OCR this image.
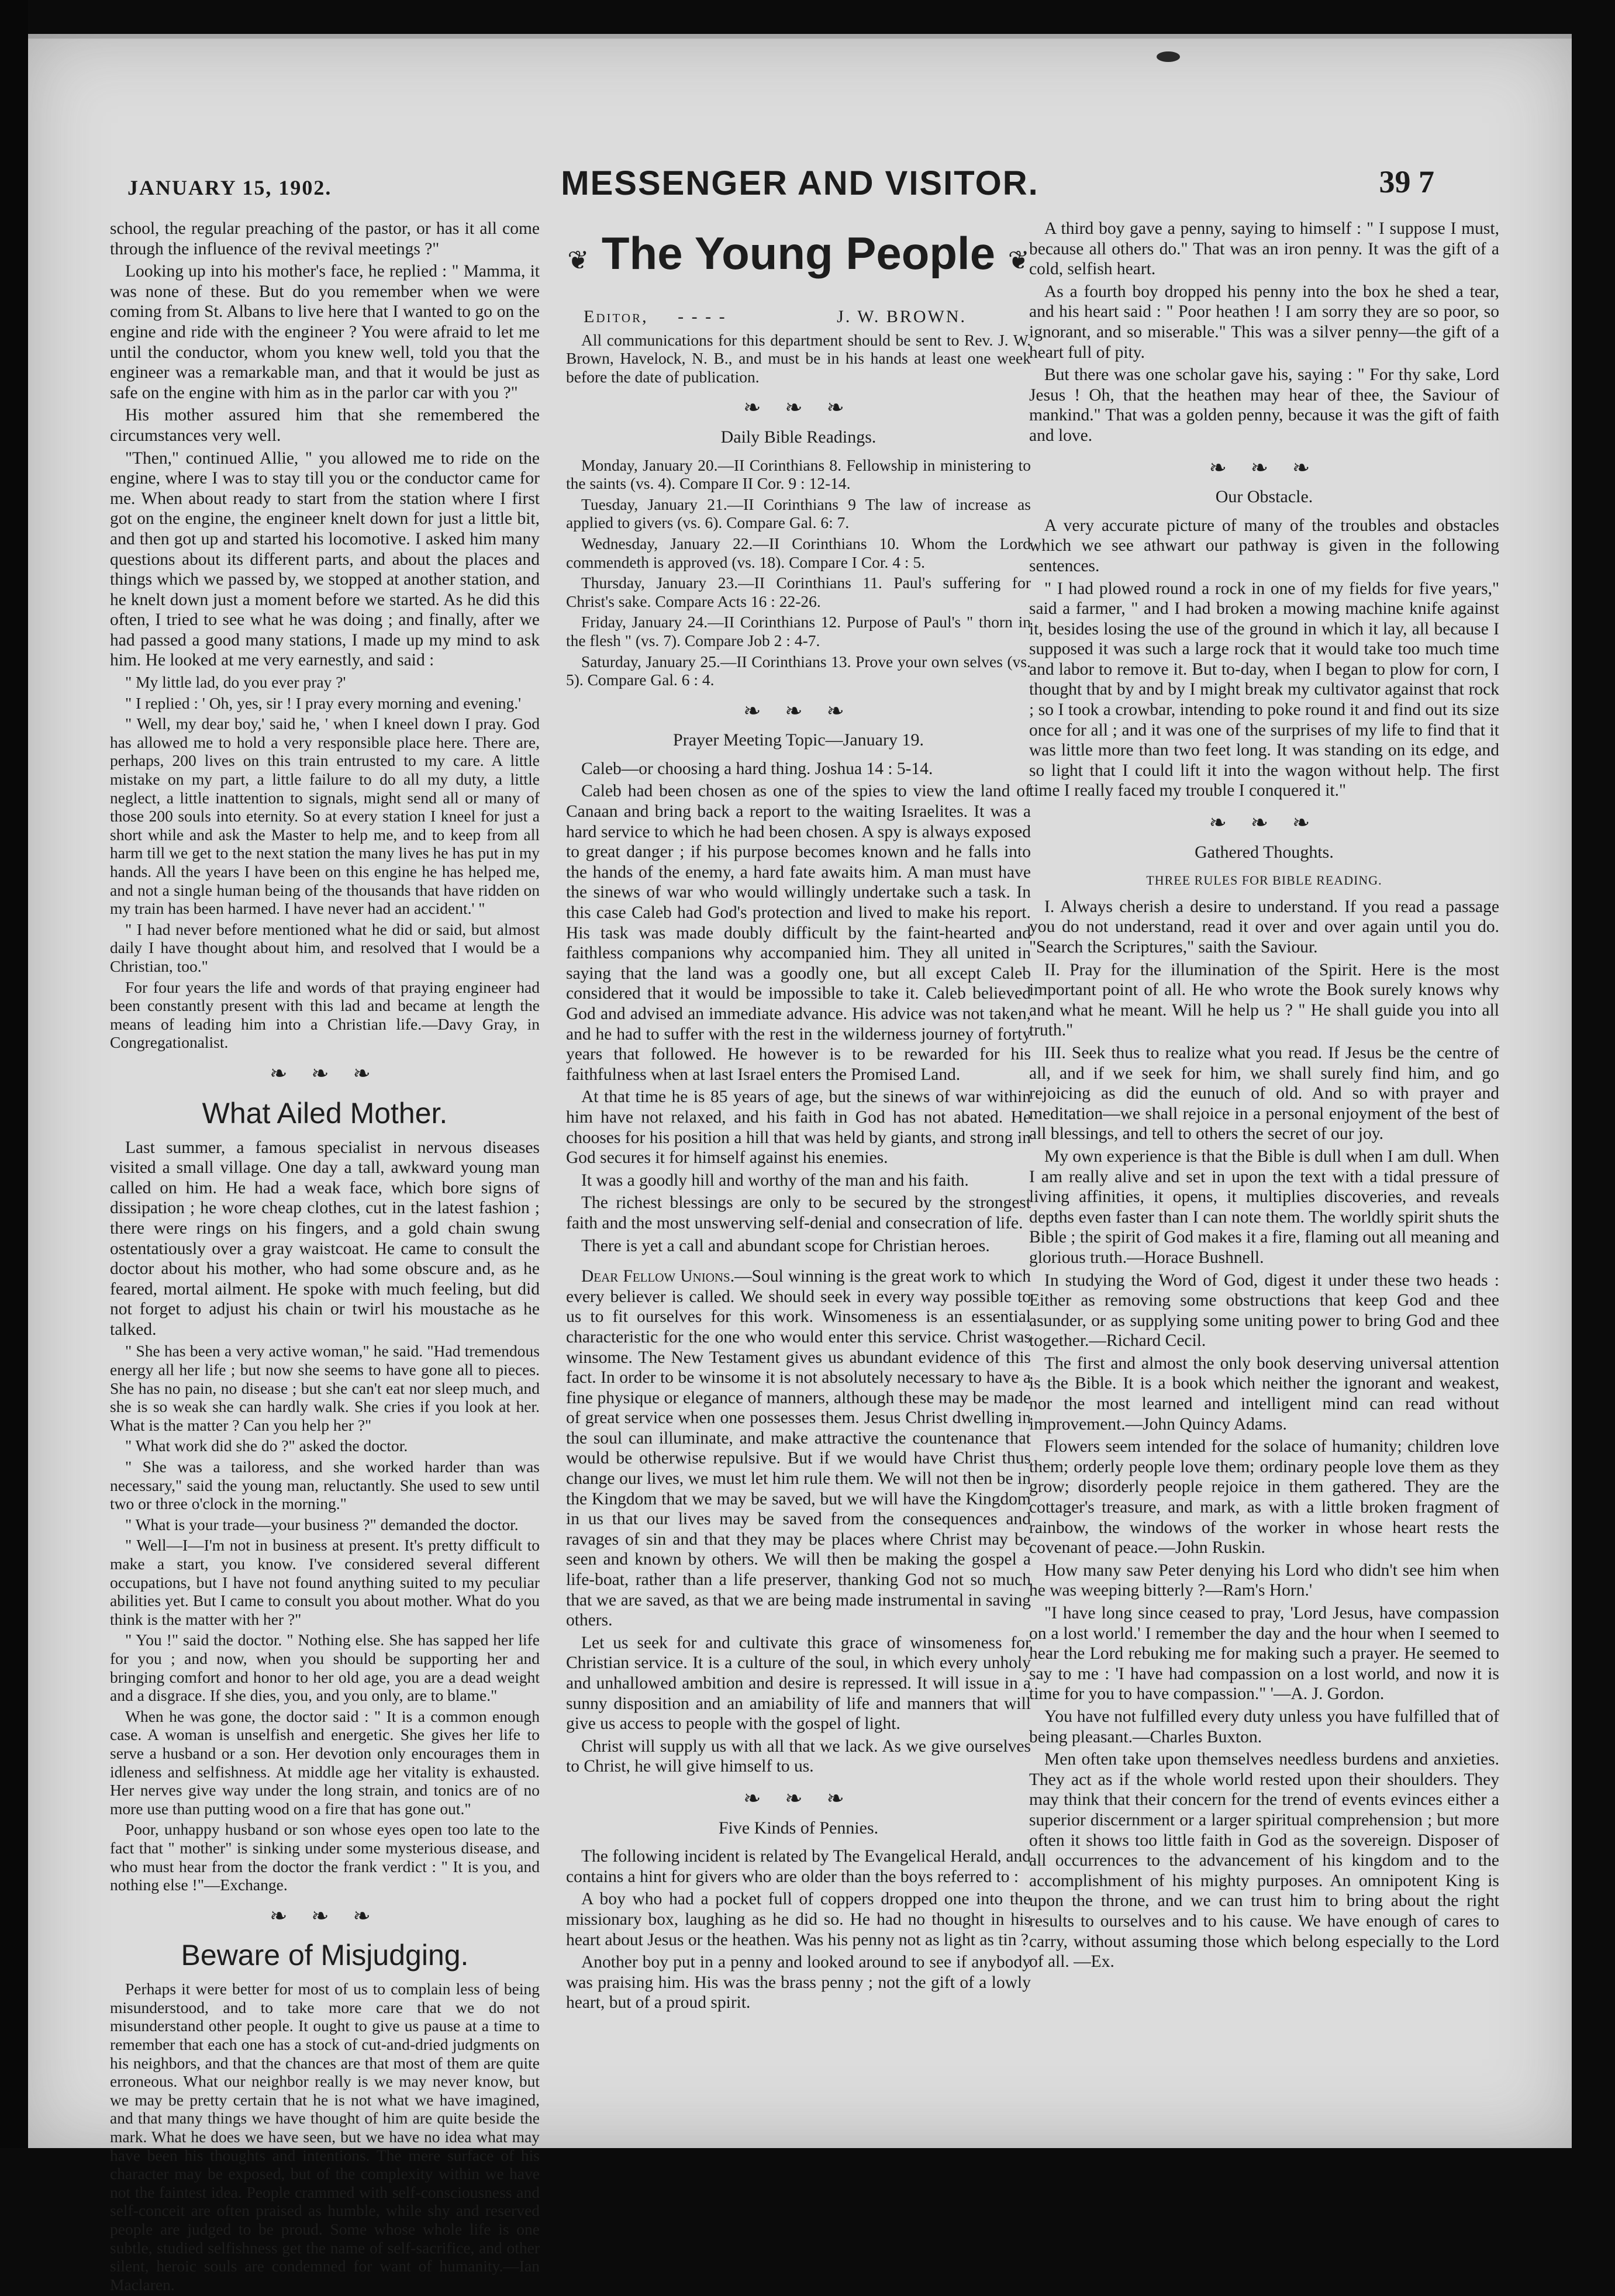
JANUARY 15, 1902.	MESSENGER AND VISITOR.	39 7

school, the regular preaching of the pastor, or has it all come through the influence of the revival meetings ?"

Looking up into his mother's face, he replied : " Mamma, it was none of these. But do you remember when we were coming from St. Albans to live here that I wanted to go on the engine and ride with the engineer ? You were afraid to let me until the conductor, whom you knew well, told you that the engineer was a remarkable man, and that it would be just as safe on the engine with him as in the parlor car with you ?"

His mother assured him that she remembered the circumstances very well.

"Then," continued Allie, " you allowed me to ride on the engine, where I was to stay till you or the conductor came for me. When about ready to start from the station where I first got on the engine, the engineer knelt down for just a little bit, and then got up and started his locomotive. I asked him many questions about its different parts, and about the places and things which we passed by, we stopped at another station, and he knelt down just a moment before we started. As he did this often, I tried to see what he was doing ; and finally, after we had passed a good many stations, I made up my mind to ask him. He looked at me very earnestly, and said :

" My little lad, do you ever pray ?'

" I replied : ' Oh, yes, sir ! I pray every morning and evening.'

" Well, my dear boy,' said he, ' when I kneel down I pray. God has allowed me to hold a very responsible place here. There are, perhaps, 200 lives on this train entrusted to my care. A little mistake on my part, a little failure to do all my duty, a little neglect, a little inattention to signals, might send all or many of those 200 souls into eternity. So at every station I kneel for just a short while and ask the Master to help me, and to keep from all harm till we get to the next station the many lives he has put in my hands. All the years I have been on this engine he has helped me, and not a single human being of the thousands that have ridden on my train has been harmed. I have never had an accident.' "

" I had never before mentioned what he did or said, but almost daily I have thought about him, and resolved that I would be a Christian, too."

For four years the life and words of that praying engineer had been constantly present with this lad and became at length the means of leading him into a Christian life.—Davy Gray, in Congregationalist.

❧ ❧ ❧
What Ailed Mother.

Last summer, a famous specialist in nervous diseases visited a small village. One day a tall, awkward young man called on him. He had a weak face, which bore signs of dissipation ; he wore cheap clothes, cut in the latest fashion ; there were rings on his fingers, and a gold chain swung ostentatiously over a gray waistcoat. He came to consult the doctor about his mother, who had some obscure and, as he feared, mortal ailment. He spoke with much feeling, but did not forget to adjust his chain or twirl his moustache as he talked.

" She has been a very active woman," he said. "Had tremendous energy all her life ; but now she seems to have gone all to pieces. She has no pain, no disease ; but she can't eat nor sleep much, and she is so weak she can hardly walk. She cries if you look at her. What is the matter ? Can you help her ?"

" What work did she do ?" asked the doctor.

" She was a tailoress, and she worked harder than was necessary," said the young man, reluctantly. She used to sew until two or three o'clock in the morning."

" What is your trade—your business ?" demanded the doctor.

" Well—I—I'm not in business at present. It's pretty difficult to make a start, you know. I've considered several different occupations, but I have not found anything suited to my peculiar abilities yet. But I came to consult you about mother. What do you think is the matter with her ?"

" You !" said the doctor. " Nothing else. She has sapped her life for you ; and now, when you should be supporting her and bringing comfort and honor to her old age, you are a dead weight and a disgrace. If she dies, you, and you only, are to blame."

When he was gone, the doctor said : " It is a common enough case. A woman is unselfish and energetic. She gives her life to serve a husband or a son. Her devotion only encourages them in idleness and selfishness. At middle age her vitality is exhausted. Her nerves give way under the long strain, and tonics are of no more use than putting wood on a fire that has gone out."

Poor, unhappy husband or son whose eyes open too late to the fact that " mother" is sinking under some mysterious disease, and who must hear from the doctor the frank verdict : " It is you, and nothing else !"—Exchange.

❧ ❧ ❧
Beware of Misjudging.

Perhaps it were better for most of us to complain less of being misunderstood, and to take more care that we do not misunderstand other people. It ought to give us pause at a time to remember that each one has a stock of cut-and-dried judgments on his neighbors, and that the chances are that most of them are quite erroneous. What our neighbor really is we may never know, but we may be pretty certain that he is not what we have imagined, and that many things we have thought of him are quite beside the mark. What he does we have seen, but we have no idea what may have been his thoughts and intentions. The mere surface of his character may be exposed, but of the complexity within we have not the faintest idea. People crammed with self-consciousness and self-conceit are often praised as humble, while shy and reserved people are judged to be proud. Some whose whole life is one subtle, studied selfishness get the name of self-sacrifice, and other silent, heroic souls are condemned for want of humanity.—Ian Maclaren.

❦ The Young People ❦
Editor, - - - -	J. W. BROWN.

All communications for this department should be sent to Rev. J. W. Brown, Havelock, N. B., and must be in his hands at least one week before the date of publication.

❧ ❧ ❧
Daily Bible Readings.

Monday, January 20.—II Corinthians 8. Fellowship in ministering to the saints (vs. 4). Compare II Cor. 9 : 12-14.

Tuesday, January 21.—II Corinthians 9 The law of increase as applied to givers (vs. 6). Compare Gal. 6: 7.

Wednesday, January 22.—II Corinthians 10. Whom the Lord commendeth is approved (vs. 18). Compare I Cor. 4 : 5.

Thursday, January 23.—II Corinthians 11. Paul's suffering for Christ's sake. Compare Acts 16 : 22-26.

Friday, January 24.—II Corinthians 12. Purpose of Paul's " thorn in the flesh " (vs. 7). Compare Job 2 : 4-7.

Saturday, January 25.—II Corinthians 13. Prove your own selves (vs. 5). Compare Gal. 6 : 4.

❧ ❧ ❧
Prayer Meeting Topic—January 19.

Caleb—or choosing a hard thing. Joshua 14 : 5-14.

Caleb had been chosen as one of the spies to view the land of Canaan and bring back a report to the waiting Israelites. It was a hard service to which he had been chosen. A spy is always exposed to great danger ; if his purpose becomes known and he falls into the hands of the enemy, a hard fate awaits him. A man must have the sinews of war who would willingly undertake such a task. In this case Caleb had God's protection and lived to make his report. His task was made doubly difficult by the faint-hearted and faithless companions why accompanied him. They all united in saying that the land was a goodly one, but all except Caleb considered that it would be impossible to take it. Caleb believed God and advised an immediate advance. His advice was not taken, and he had to suffer with the rest in the wilderness journey of forty years that followed. He however is to be rewarded for his faithfulness when at last Israel enters the Promised Land.

At that time he is 85 years of age, but the sinews of war within him have not relaxed, and his faith in God has not abated. He chooses for his position a hill that was held by giants, and strong in God secures it for himself against his enemies.

It was a goodly hill and worthy of the man and his faith.

The richest blessings are only to be secured by the strongest faith and the most unswerving self-denial and consecration of life.

There is yet a call and abundant scope for Christian heroes.

Dear Fellow Unions.—Soul winning is the great work to which every believer is called. We should seek in every way possible to us to fit ourselves for this work. Winsomeness is an essential characteristic for the one who would enter this service. Christ was winsome. The New Testament gives us abundant evidence of this fact. In order to be winsome it is not absolutely necessary to have a fine physique or elegance of manners, although these may be made of great service when one possesses them. Jesus Christ dwelling in the soul can illuminate, and make attractive the countenance that would be otherwise repulsive. But if we would have Christ thus change our lives, we must let him rule them. We will not then be in the Kingdom that we may be saved, but we will have the Kingdom in us that our lives may be saved from the consequences and ravages of sin and that they may be places where Christ may be seen and known by others. We will then be making the gospel a life-boat, rather than a life preserver, thanking God not so much that we are saved, as that we are being made instrumental in saving others.

Let us seek for and cultivate this grace of winsomeness for Christian service. It is a culture of the soul, in which every unholy and unhallowed ambition and desire is repressed. It will issue in a sunny disposition and an amiability of life and manners that will give us access to people with the gospel of light.

Christ will supply us with all that we lack. As we give ourselves to Christ, he will give himself to us.

❧ ❧ ❧
Five Kinds of Pennies.

The following incident is related by The Evangelical Herald, and contains a hint for givers who are older than the boys referred to :

A boy who had a pocket full of coppers dropped one into the missionary box, laughing as he did so. He had no thought in his heart about Jesus or the heathen. Was his penny not as light as tin ?

Another boy put in a penny and looked around to see if anybody was praising him. His was the brass penny ; not the gift of a lowly heart, but of a proud spirit.

A third boy gave a penny, saying to himself : " I suppose I must, because all others do." That was an iron penny. It was the gift of a cold, selfish heart.

As a fourth boy dropped his penny into the box he shed a tear, and his heart said : " Poor heathen ! I am sorry they are so poor, so ignorant, and so miserable." This was a silver penny—the gift of a heart full of pity.

But there was one scholar gave his, saying : " For thy sake, Lord Jesus ! Oh, that the heathen may hear of thee, the Saviour of mankind." That was a golden penny, because it was the gift of faith and love.

❧ ❧ ❧
Our Obstacle.

A very accurate picture of many of the troubles and obstacles which we see athwart our pathway is given in the following sentences.

" I had plowed round a rock in one of my fields for five years," said a farmer, " and I had broken a mowing machine knife against it, besides losing the use of the ground in which it lay, all because I supposed it was such a large rock that it would take too much time and labor to remove it. But to-day, when I began to plow for corn, I thought that by and by I might break my cultivator against that rock ; so I took a crowbar, intending to poke round it and find out its size once for all ; and it was one of the surprises of my life to find that it was little more than two feet long. It was standing on its edge, and so light that I could lift it into the wagon without help. The first time I really faced my trouble I conquered it."

❧ ❧ ❧
Gathered Thoughts.
THREE RULES FOR BIBLE READING.

I. Always cherish a desire to understand. If you read a passage you do not understand, read it over and over again until you do. "Search the Scriptures," saith the Saviour.

II. Pray for the illumination of the Spirit. Here is the most important point of all. He who wrote the Book surely knows why and what he meant. Will he help us ? " He shall guide you into all truth."

III. Seek thus to realize what you read. If Jesus be the centre of all, and if we seek for him, we shall surely find him, and go rejoicing as did the eunuch of old. And so with prayer and meditation—we shall rejoice in a personal enjoyment of the best of all blessings, and tell to others the secret of our joy.

My own experience is that the Bible is dull when I am dull. When I am really alive and set in upon the text with a tidal pressure of living affinities, it opens, it multiplies discoveries, and reveals depths even faster than I can note them. The worldly spirit shuts the Bible ; the spirit of God makes it a fire, flaming out all meaning and glorious truth.—Horace Bushnell.

In studying the Word of God, digest it under these two heads : Either as removing some obstructions that keep God and thee asunder, or as supplying some uniting power to bring God and thee together.—Richard Cecil.

The first and almost the only book deserving universal attention is the Bible. It is a book which neither the ignorant and weakest, nor the most learned and intelligent mind can read without improvement.—John Quincy Adams.

Flowers seem intended for the solace of humanity; children love them; orderly people love them; ordinary people love them as they grow; disorderly people rejoice in them gathered. They are the cottager's treasure, and mark, as with a little broken fragment of rainbow, the windows of the worker in whose heart rests the covenant of peace.—John Ruskin.

How many saw Peter denying his Lord who didn't see him when he was weeping bitterly ?—Ram's Horn.'

"I have long since ceased to pray, 'Lord Jesus, have compassion on a lost world.' I remember the day and the hour when I seemed to hear the Lord rebuking me for making such a prayer. He seemed to say to me : 'I have had compassion on a lost world, and now it is time for you to have compassion." '—A. J. Gordon.

You have not fulfilled every duty unless you have fulfilled that of being pleasant.—Charles Buxton.

Men often take upon themselves needless burdens and anxieties. They act as if the whole world rested upon their shoulders. They may think that their concern for the trend of events evinces either a superior discernment or a larger spiritual comprehension ; but more often it shows too little faith in God as the sovereign. Disposer of all occurrences to the advancement of his kingdom and to the accomplishment of his mighty purposes. An omnipotent King is upon the throne, and we can trust him to bring about the right results to ourselves and to his cause. We have enough of cares to carry, without assuming those which belong especially to the Lord of all. —Ex.
